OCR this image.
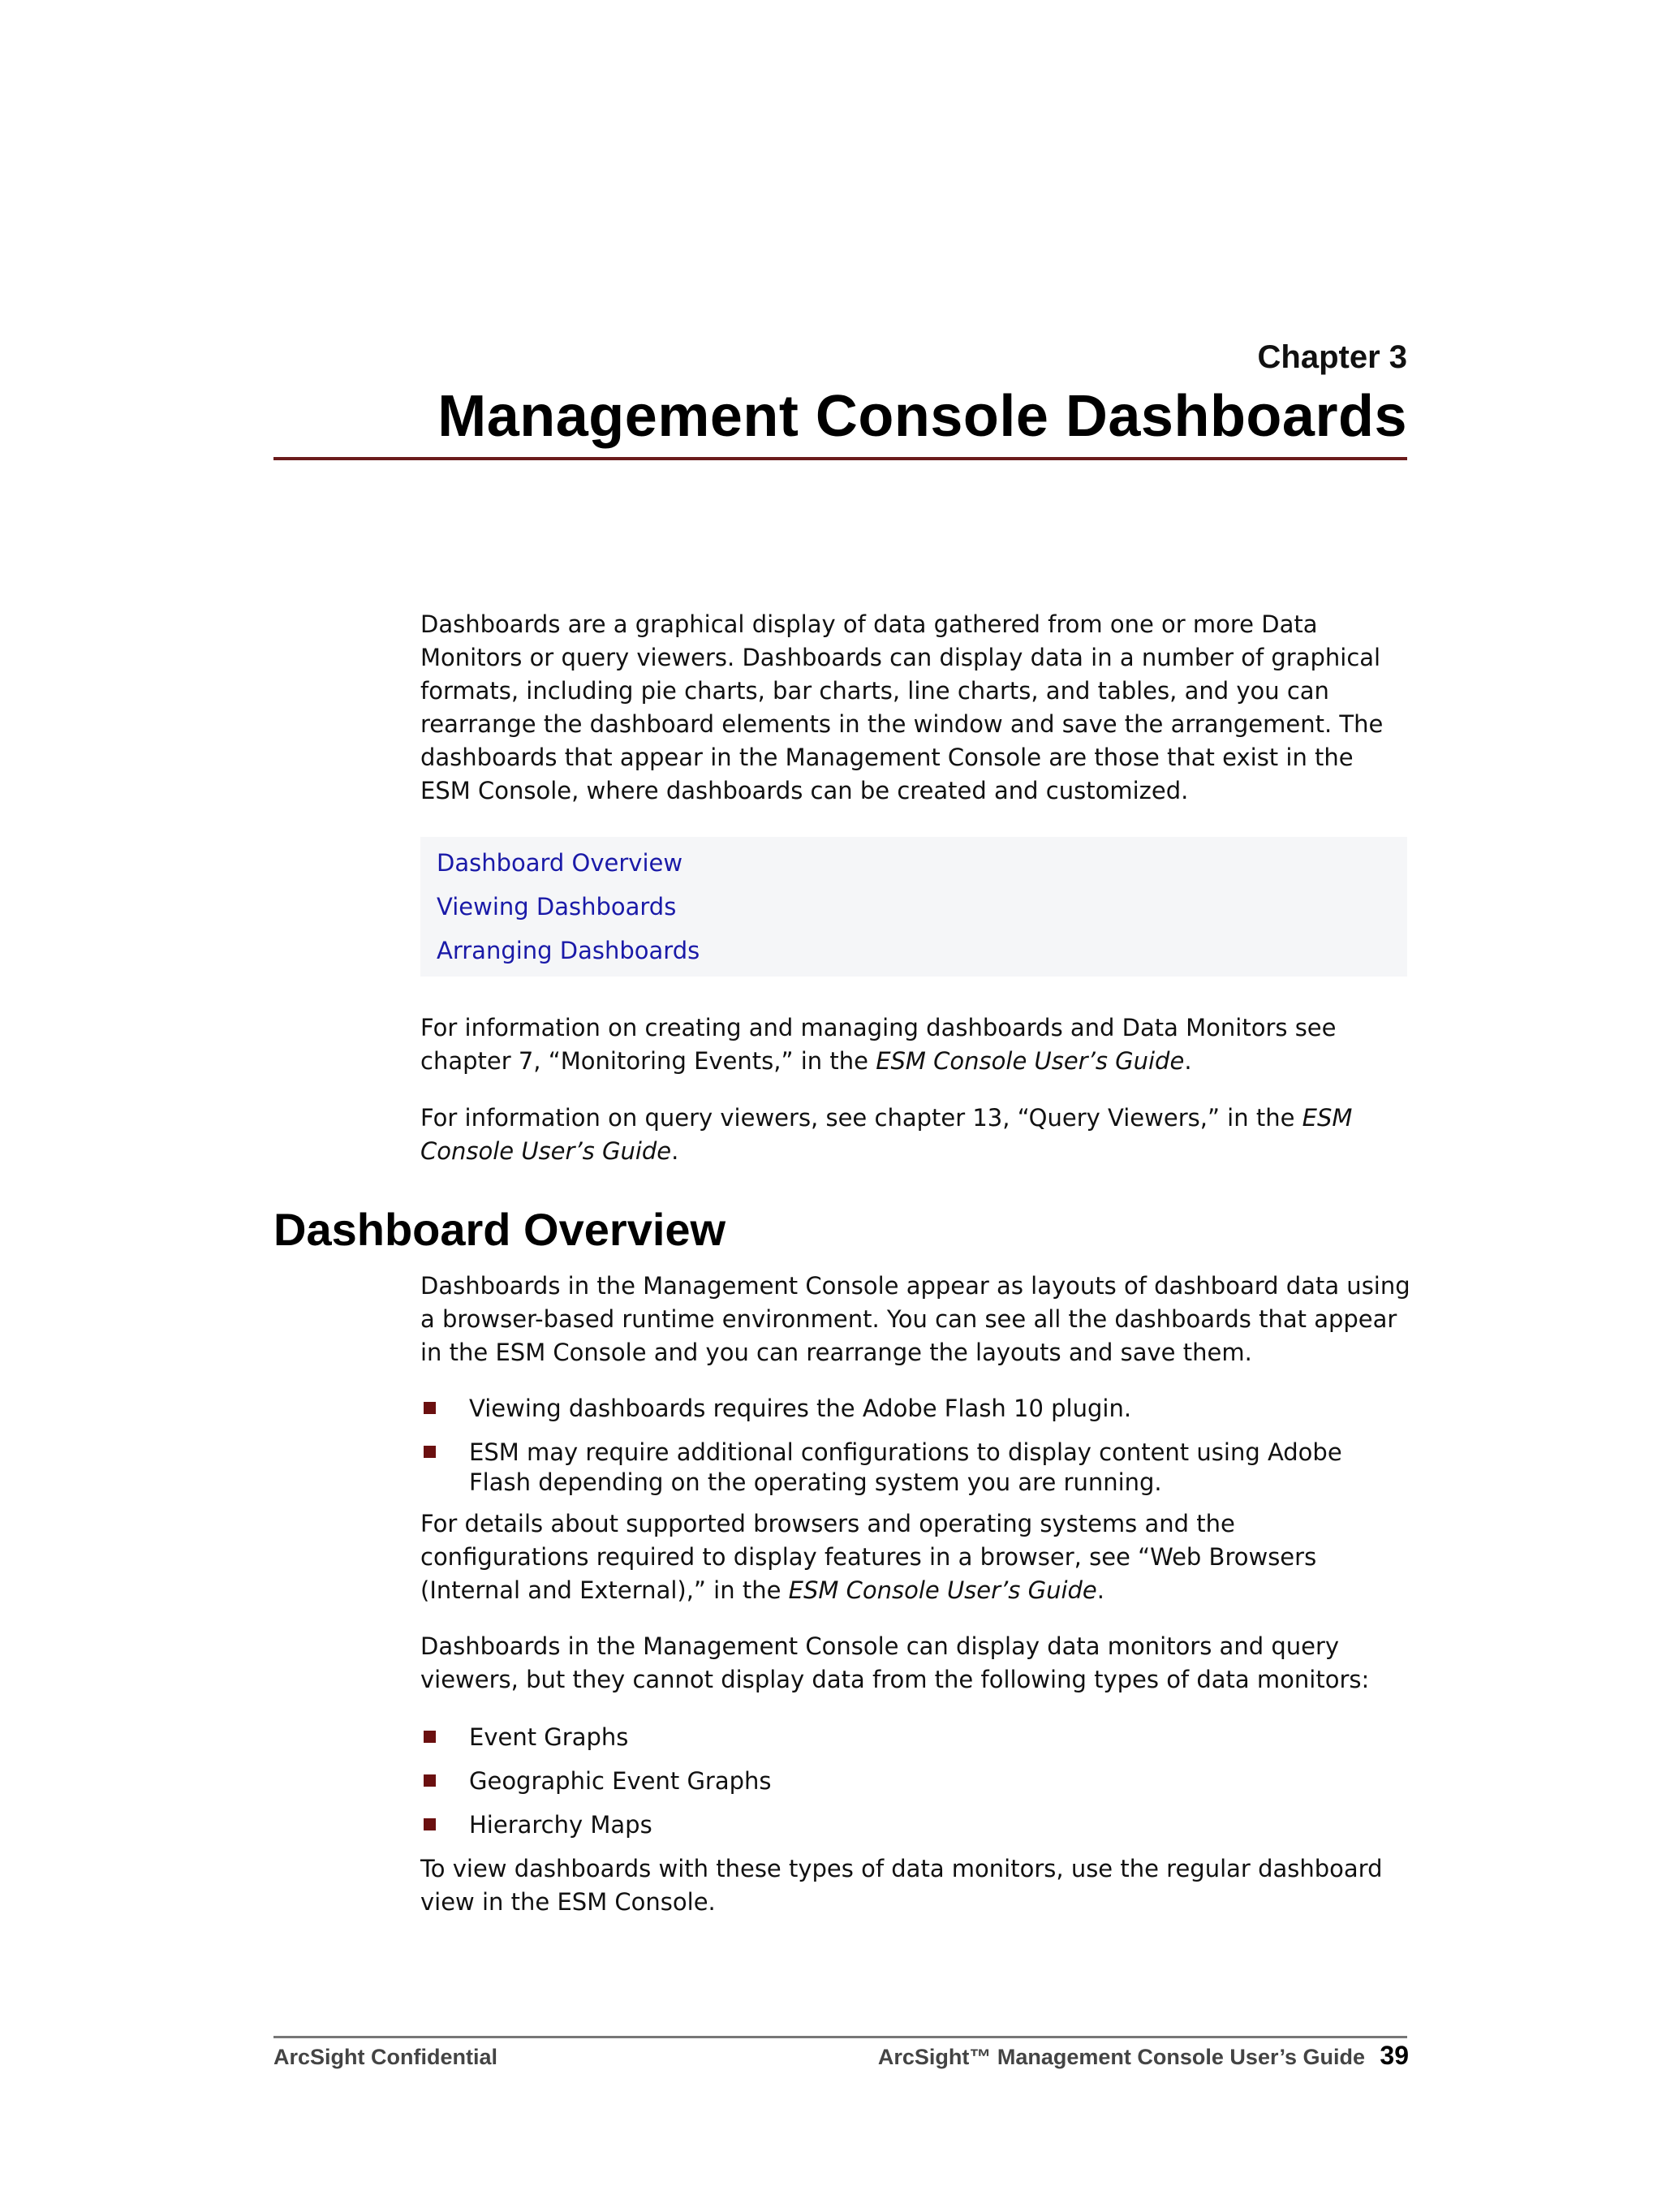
Chapter 3
Management Console Dashboards

Dashboards are a graphical display of data gathered from one or more Data Monitors or query viewers. Dashboards can display data in a number of graphical formats, including pie charts, bar charts, line charts, and tables, and you can rearrange the dashboard elements in the window and save the arrangement. The dashboards that appear in the Management Console are those that exist in the ESM Console, where dashboards can be created and customized.

Dashboard Overview
Viewing Dashboards
Arranging Dashboards

For information on creating and managing dashboards and Data Monitors see chapter 7, “Monitoring Events,” in the ESM Console User’s Guide.

For information on query viewers, see chapter 13, “Query Viewers,” in the ESM Console User’s Guide.

Dashboard Overview

Dashboards in the Management Console appear as layouts of dashboard data using a browser-based runtime environment. You can see all the dashboards that appear in the ESM Console and you can rearrange the layouts and save them.

Viewing dashboards requires the Adobe Flash 10 plugin.
ESM may require additional configurations to display content using Adobe Flash depending on the operating system you are running.

For details about supported browsers and operating systems and the configurations required to display features in a browser, see “Web Browsers (Internal and External),” in the ESM Console User’s Guide.

Dashboards in the Management Console can display data monitors and query viewers, but they cannot display data from the following types of data monitors:

Event Graphs
Geographic Event Graphs
Hierarchy Maps

To view dashboards with these types of data monitors, use the regular dashboard view in the ESM Console.

ArcSight Confidential	ArcSight™ Management Console User’s Guide 39
